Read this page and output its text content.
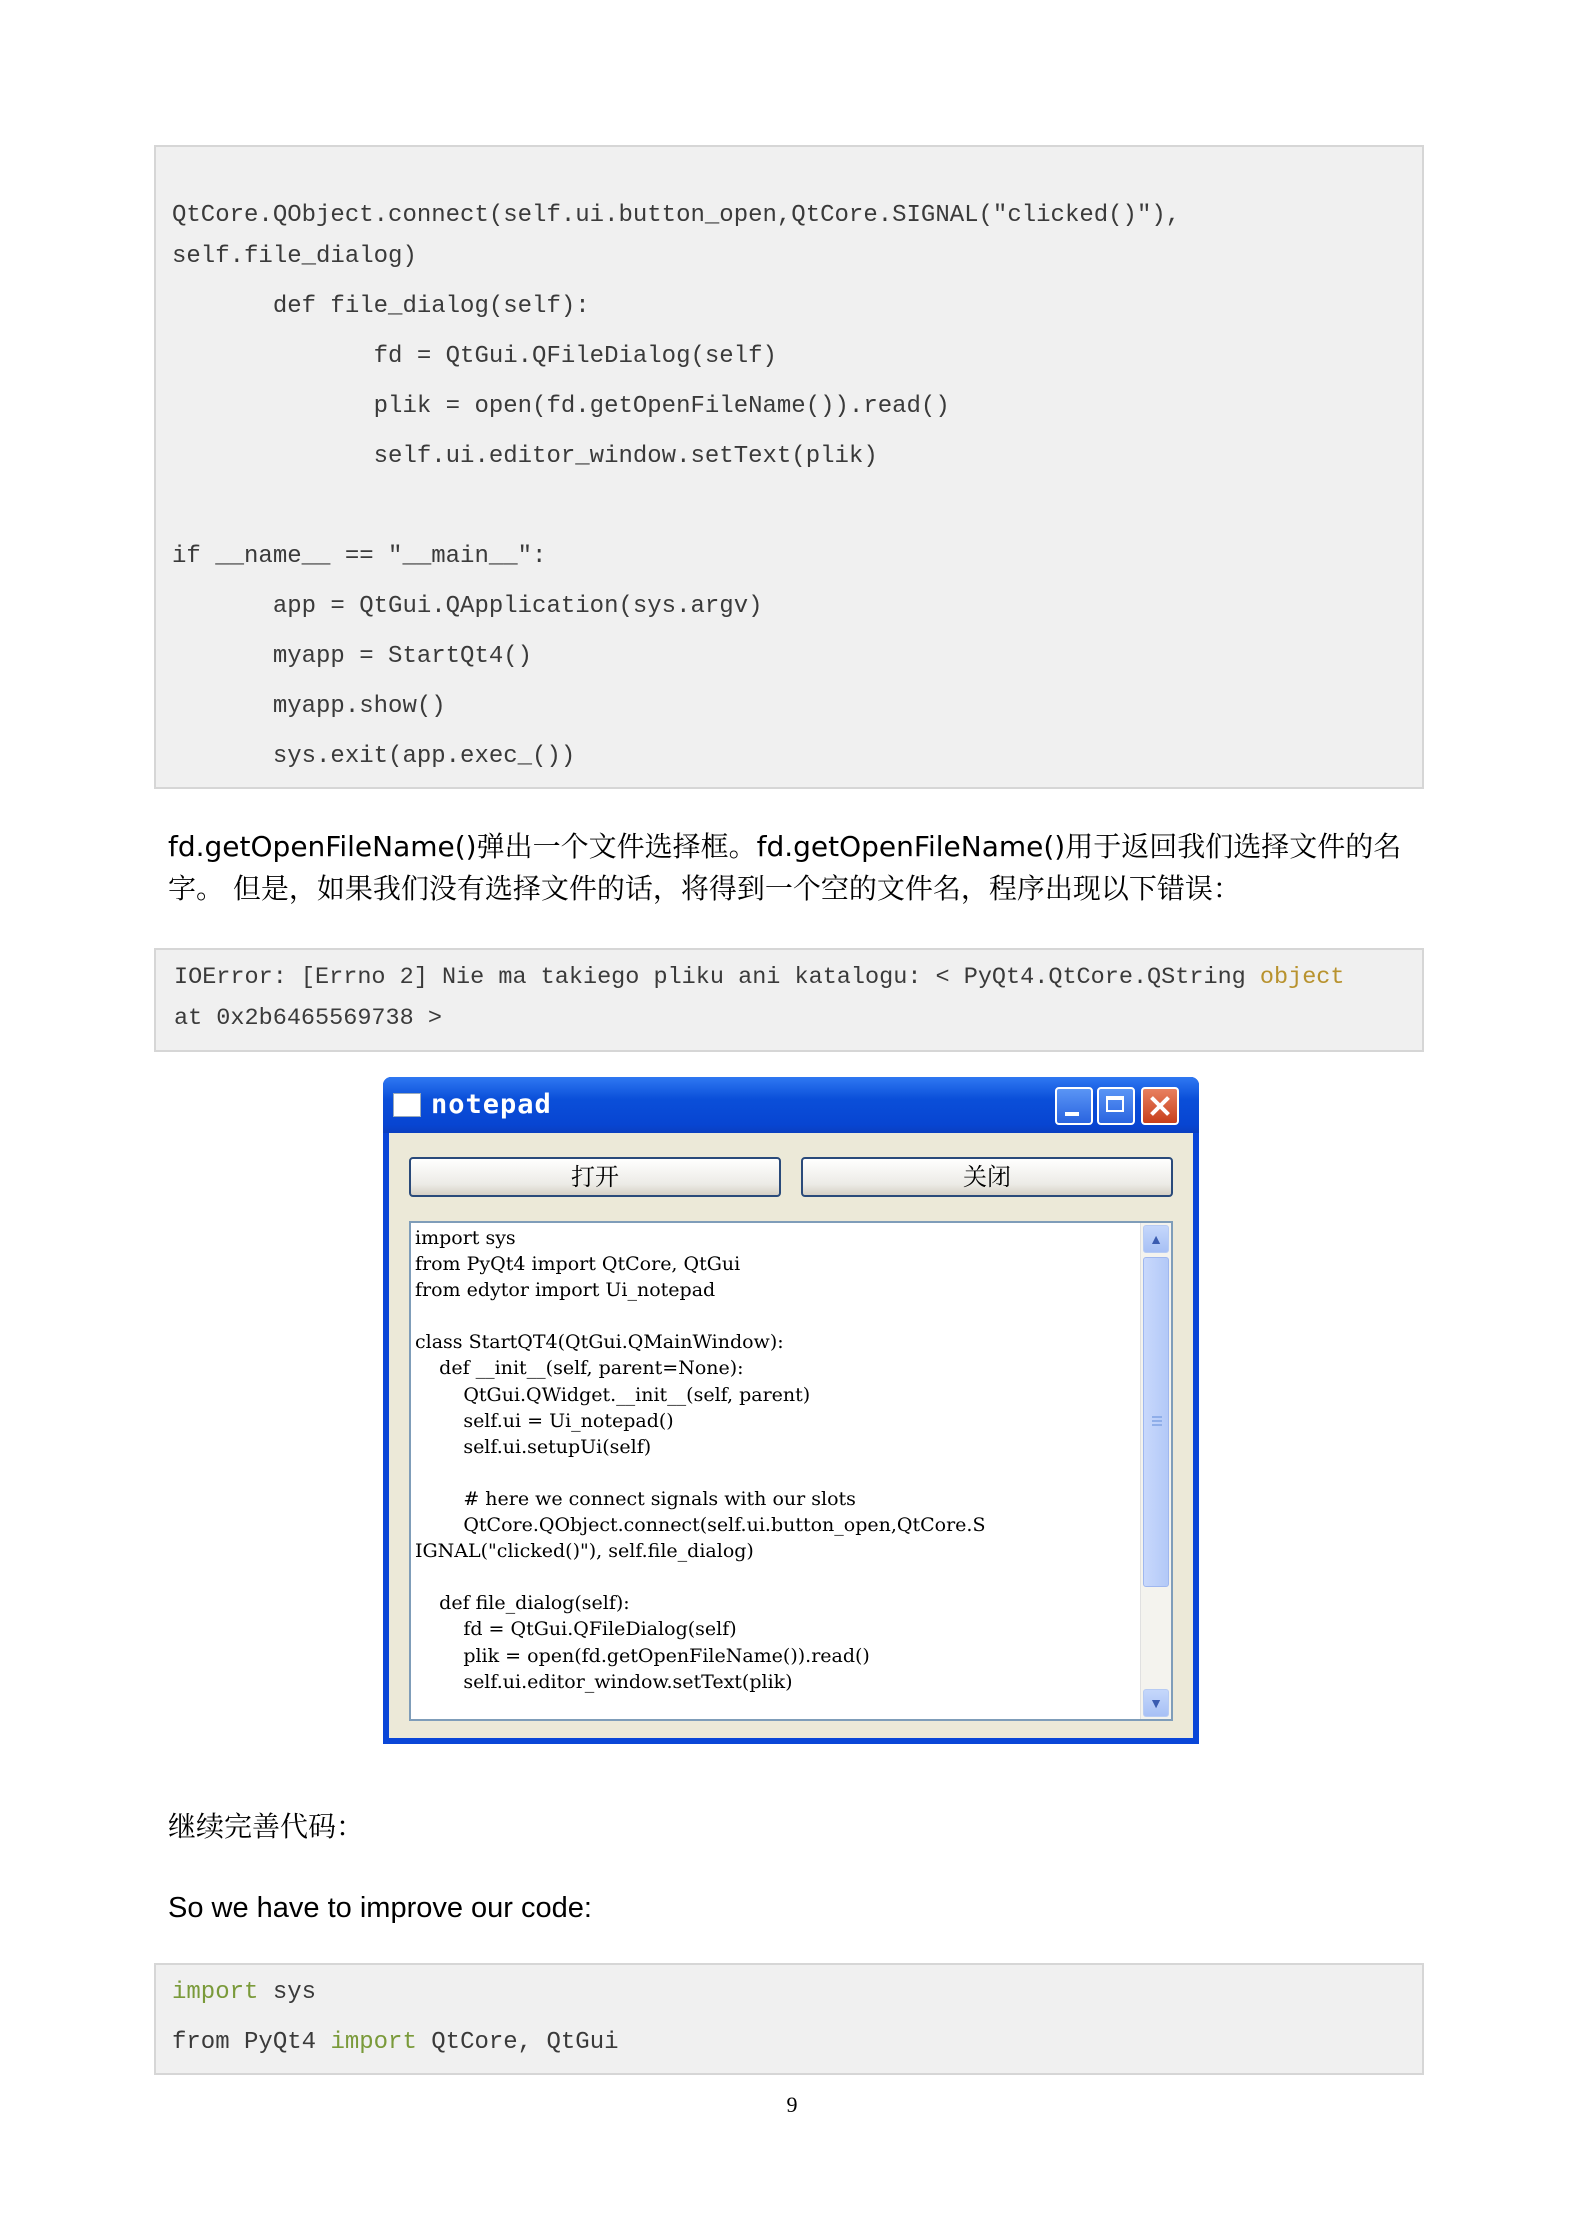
QtCore.QObject.connect(self.ui.button_open,QtCore.SIGNAL("clicked()"),
self.file_dialog)
def file_dialog(self):
fd = QtGui.QFileDialog(self)
plik = open(fd.getOpenFileName()).read()
self.ui.editor_window.setText(plik)
if __name__ == "__main__":
app = QtGui.QApplication(sys.argv)
myapp = StartQt4()
myapp.show()
sys.exit(app.exec_())
fd.getOpenFileName()弹出一个文件选择框。fd.getOpenFileName()用于返回我们选择文件的名
字。 但是，如果我们没有选择文件的话，将得到一个空的文件名，程序出现以下错误：
IOError: [Errno 2] Nie ma takiego pliku ani katalogu: < PyQt4.QtCore.QString object
at 0x2b6465569738 >
notepad
打开	关闭
import sys
from PyQt4 import QtCore, QtGui
from edytor import Ui_notepad

class StartQT4(QtGui.QMainWindow):
def __init__(self, parent=None):
QtGui.QWidget.__init__(self, parent)
self.ui = Ui_notepad()
self.ui.setupUi(self)

# here we connect signals with our slots
QtCore.QObject.connect(self.ui.button_open,QtCore.S
IGNAL("clicked()"), self.file_dialog)

def file_dialog(self):
fd = QtGui.QFileDialog(self)
plik = open(fd.getOpenFileName()).read()
self.ui.editor_window.setText(plik)
▲
▼
继续完善代码：
So we have to improve our code:
import sys
from PyQt4 import QtCore, QtGui
9
